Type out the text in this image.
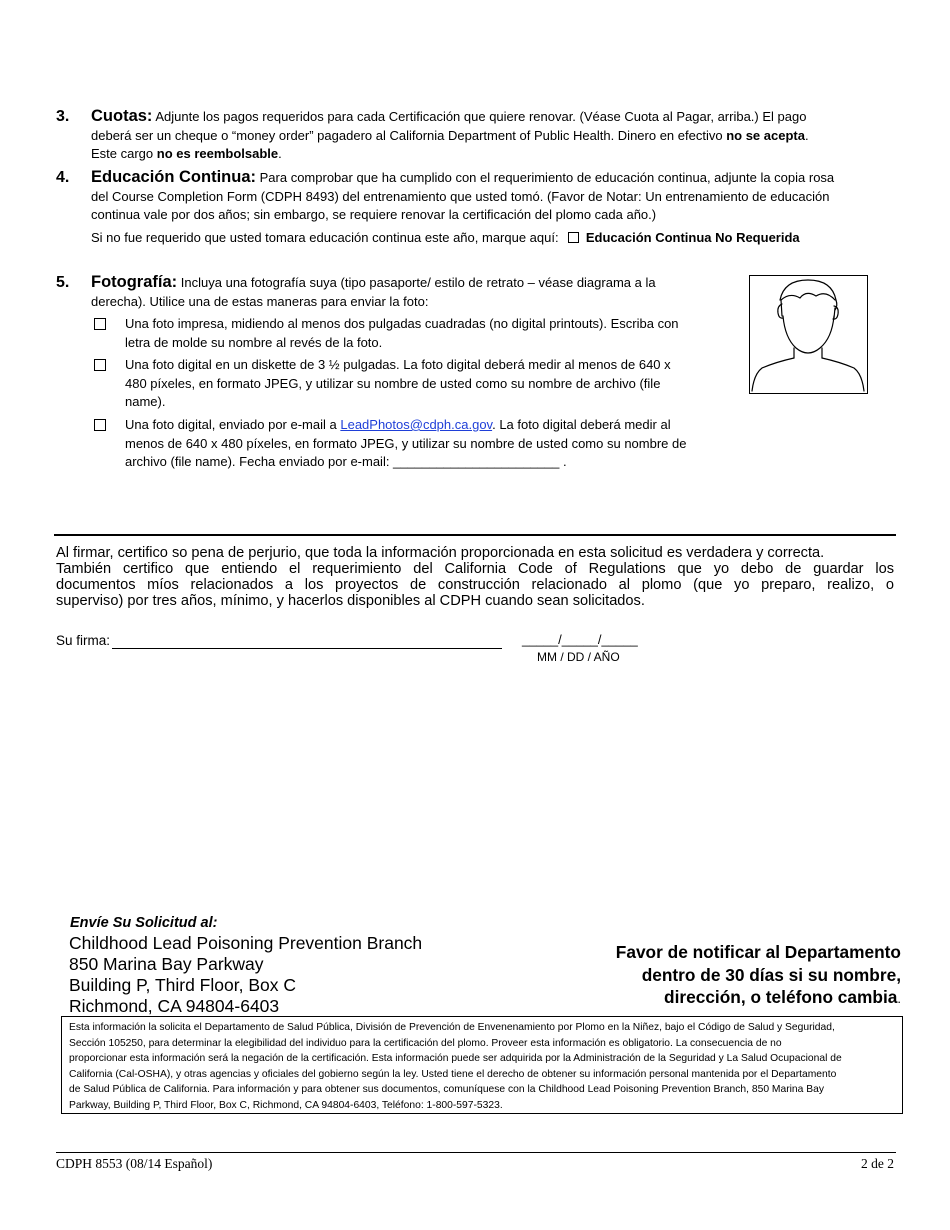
3. Cuotas: Adjunte los pagos requeridos para cada Certificación que quiere renovar. (Véase Cuota al Pagar, arriba.) El pago
deberá ser un cheque o “money order” pagadero al California Department of Public Health. Dinero en efectivo no se acepta.
Este cargo no es reembolsable.
4. Educación Continua: Para comprobar que ha cumplido con el requerimiento de educación continua, adjunte la copia rosa
del Course Completion Form (CDPH 8493) del entrenamiento que usted tomó. (Favor de Notar: Un entrenamiento de educación
continua vale por dos años; sin embargo, se requiere renovar la certificación del plomo cada año.)
Si no fue requerido que usted tomara educación continua este año, marque aquí: Educación Continua No Requerida
5. Fotografía: Incluya una fotografía suya (tipo pasaporte/ estilo de retrato – véase diagrama a la
derecha). Utilice una de estas maneras para enviar la foto:
Una foto impresa, midiendo al menos dos pulgadas cuadradas (no digital printouts). Escriba con
letra de molde su nombre al revés de la foto.
Una foto digital en un diskette de 3 ½ pulgadas. La foto digital deberá medir al menos de 640 x
480 píxeles, en formato JPEG, y utilizar su nombre de usted como su nombre de archivo (file
name).
Una foto digital, enviado por e-mail a LeadPhotos@cdph.ca.gov. La foto digital deberá medir al
menos de 640 x 480 píxeles, en formato JPEG, y utilizar su nombre de usted como su nombre de
archivo (file name). Fecha enviado por e-mail: _______________________ .
Al firmar, certifico so pena de perjurio, que toda la información proporcionada en esta solicitud es verdadera y correcta.
También certifico que entiendo el requerimiento del California Code of Regulations que yo debo de guardar los
documentos míos relacionados a los proyectos de construcción relacionado al plomo (que yo preparo, realizo, o
superviso) por tres años, mínimo, y hacerlos disponibles al CDPH cuando sean solicitados.
Su firma:	_____/_____/_____
MM / DD / AÑO
Envíe Su Solicitud al:
Childhood Lead Poisoning Prevention Branch
850 Marina Bay Parkway
Building P, Third Floor, Box C
Richmond, CA 94804-6403
Favor de notificar al Departamento
dentro de 30 días si su nombre,
dirección, o teléfono cambia.
Esta información la solicita el Departamento de Salud Pública, División de Prevención de Envenenamiento por Plomo en la Niñez, bajo el Código de Salud y Seguridad,
Sección 105250, para determinar la elegibilidad del individuo para la certificación del plomo. Proveer esta información es obligatorio. La consecuencia de no
proporcionar esta información será la negación de la certificación. Esta información puede ser adquirida por la Administración de la Seguridad y La Salud Ocupacional de
California (Cal-OSHA), y otras agencias y oficiales del gobierno según la ley. Usted tiene el derecho de obtener su información personal mantenida por el Departamento
de Salud Pública de California. Para información y para obtener sus documentos, comuníquese con la Childhood Lead Poisoning Prevention Branch, 850 Marina Bay
Parkway, Building P, Third Floor, Box C, Richmond, CA 94804-6403, Teléfono: 1-800-597-5323.
CDPH 8553 (08/14 Español)	2 de 2
